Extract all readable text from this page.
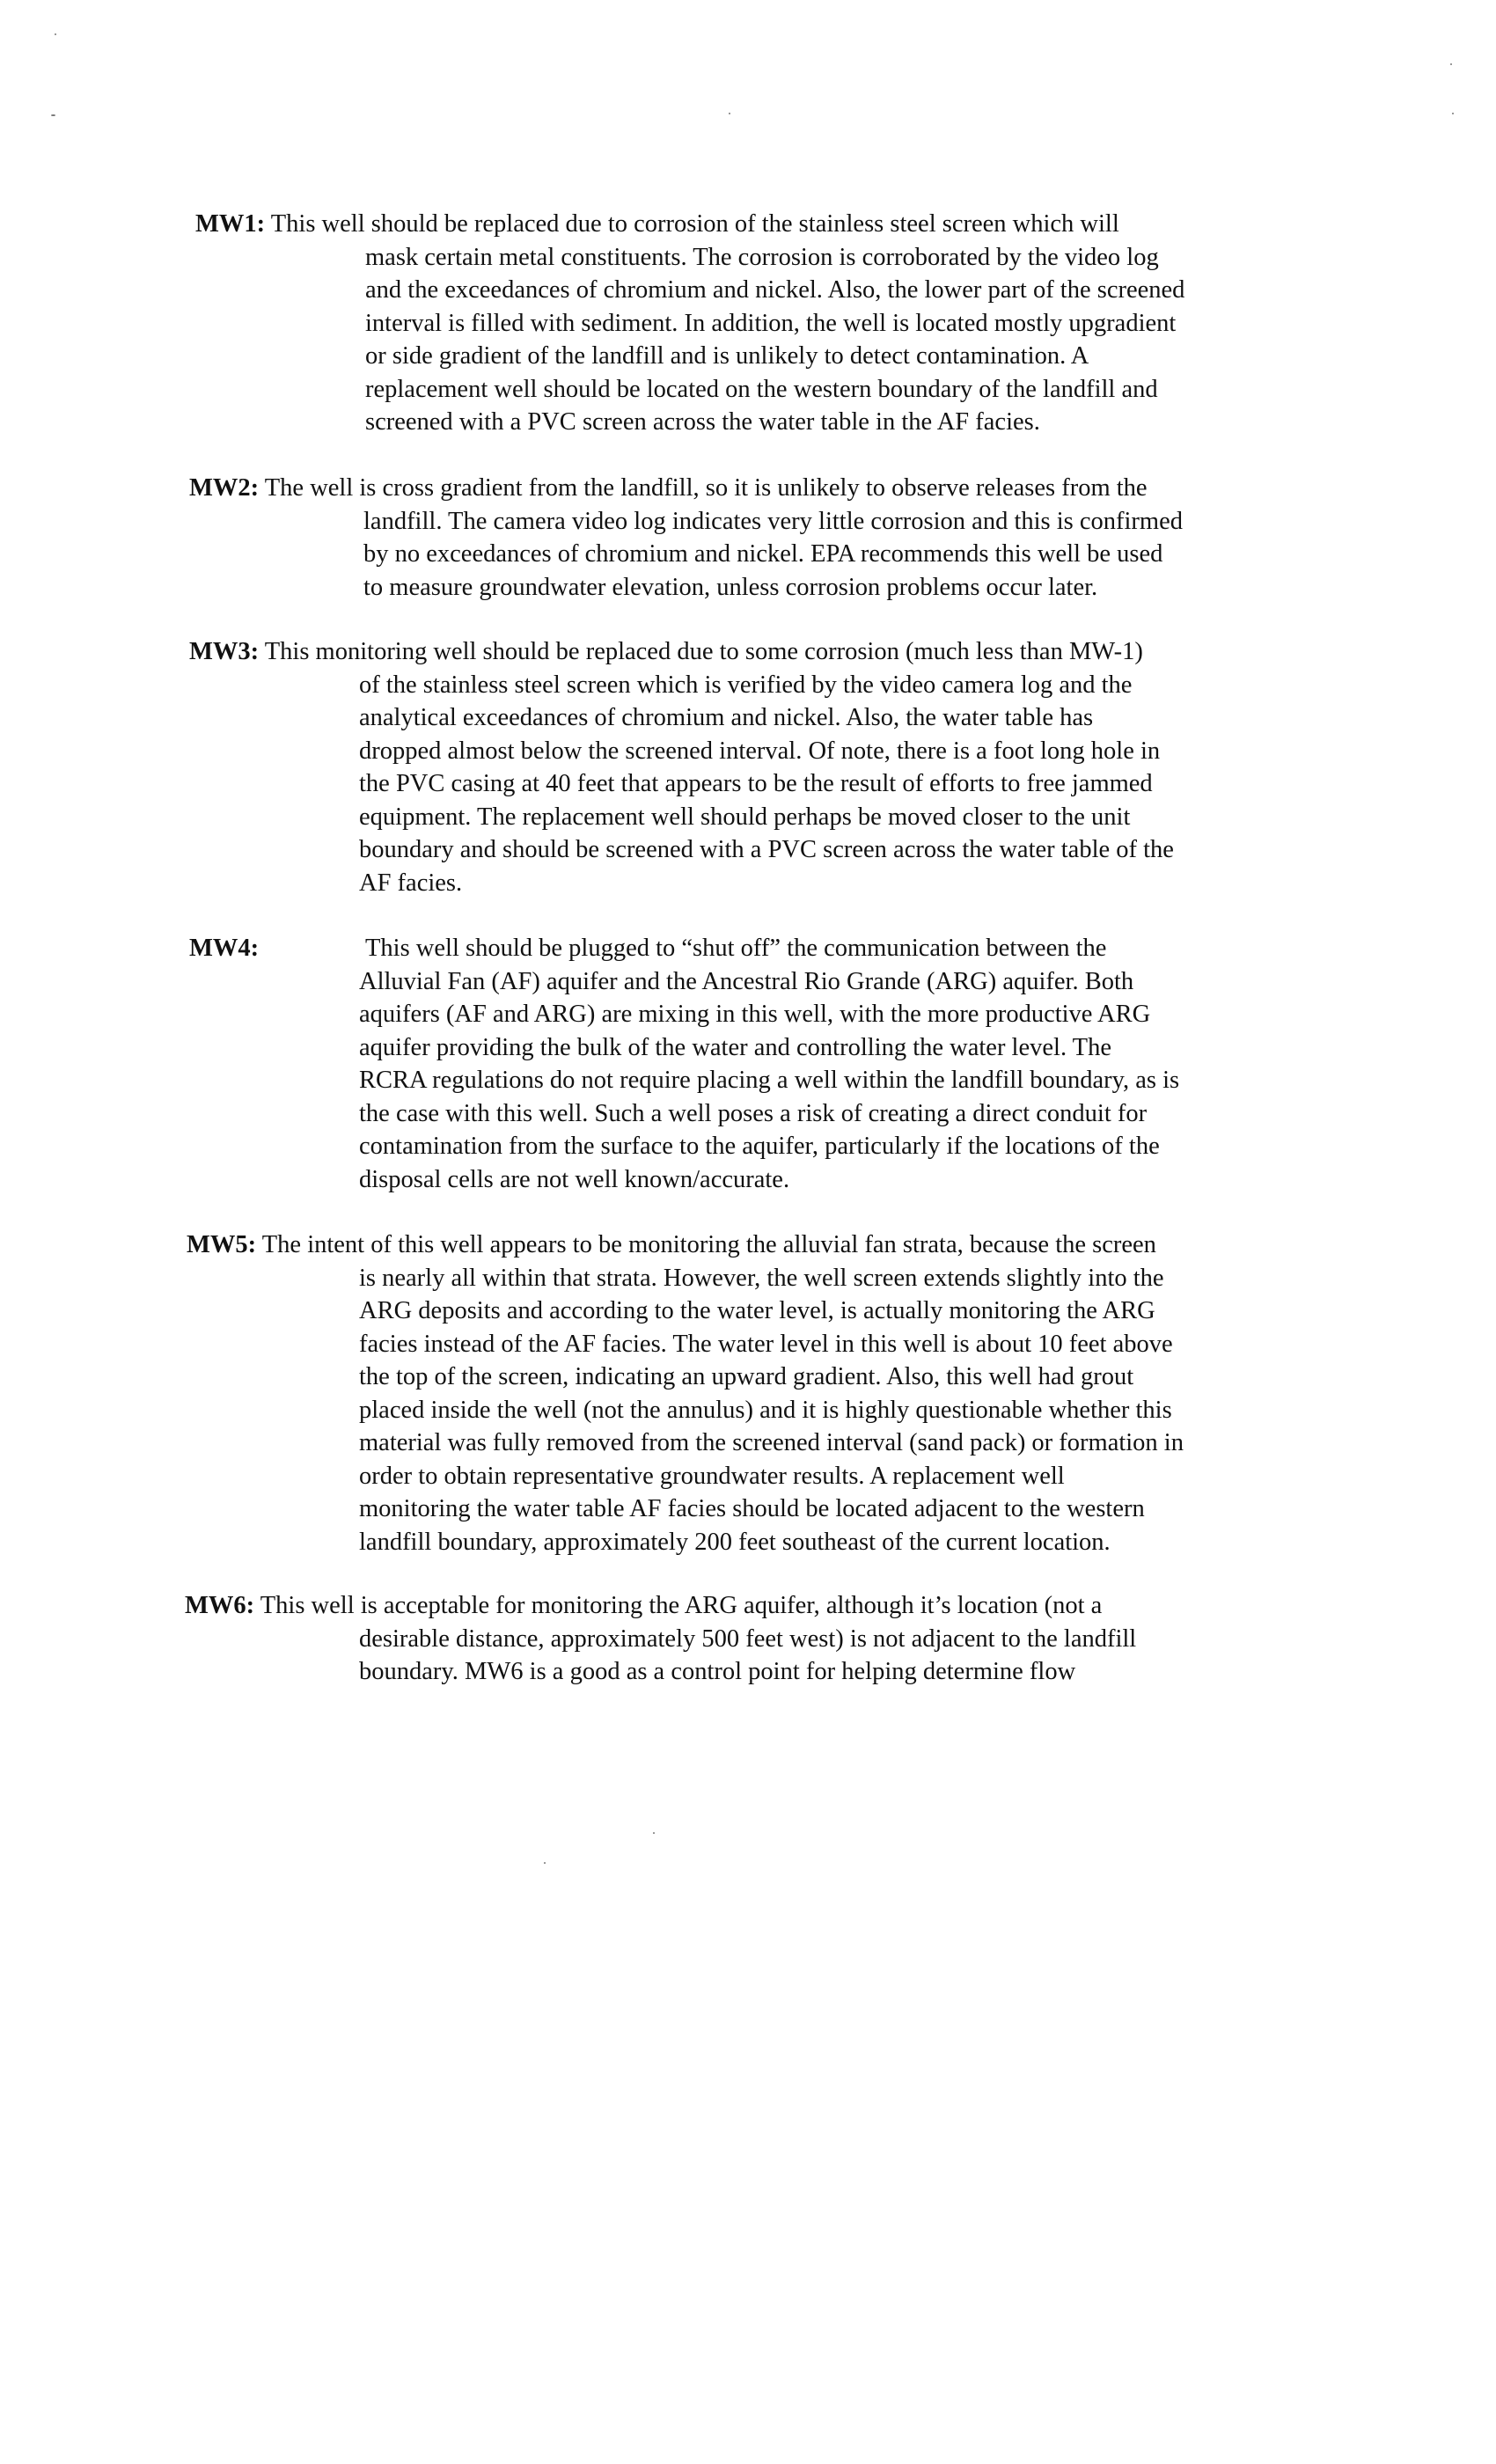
MW1: This well should be replaced due to corrosion of the stainless steel screen which will
mask certain metal constituents. The corrosion is corroborated by the video log
and the exceedances of chromium and nickel. Also, the lower part of the screened
interval is filled with sediment. In addition, the well is located mostly upgradient
or side gradient of the landfill and is unlikely to detect contamination. A
replacement well should be located on the western boundary of the landfill and
screened with a PVC screen across the water table in the AF facies.
MW2: The well is cross gradient from the landfill, so it is unlikely to observe releases from the
landfill. The camera video log indicates very little corrosion and this is confirmed
by no exceedances of chromium and nickel. EPA recommends this well be used
to measure groundwater elevation, unless corrosion problems occur later.
MW3: This monitoring well should be replaced due to some corrosion (much less than MW-1)
of the stainless steel screen which is verified by the video camera log and the
analytical exceedances of chromium and nickel. Also, the water table has
dropped almost below the screened interval. Of note, there is a foot long hole in
the PVC casing at 40 feet that appears to be the result of efforts to free jammed
equipment. The replacement well should perhaps be moved closer to the unit
boundary and should be screened with a PVC screen across the water table of the
AF facies.
MW4:	This well should be plugged to “shut off” the communication between the
Alluvial Fan (AF) aquifer and the Ancestral Rio Grande (ARG) aquifer. Both
aquifers (AF and ARG) are mixing in this well, with the more productive ARG
aquifer providing the bulk of the water and controlling the water level. The
RCRA regulations do not require placing a well within the landfill boundary, as is
the case with this well. Such a well poses a risk of creating a direct conduit for
contamination from the surface to the aquifer, particularly if the locations of the
disposal cells are not well known/accurate.
MW5: The intent of this well appears to be monitoring the alluvial fan strata, because the screen
is nearly all within that strata. However, the well screen extends slightly into the
ARG deposits and according to the water level, is actually monitoring the ARG
facies instead of the AF facies. The water level in this well is about 10 feet above
the top of the screen, indicating an upward gradient. Also, this well had grout
placed inside the well (not the annulus) and it is highly questionable whether this
material was fully removed from the screened interval (sand pack) or formation in
order to obtain representative groundwater results. A replacement well
monitoring the water table AF facies should be located adjacent to the western
landfill boundary, approximately 200 feet southeast of the current location.
MW6: This well is acceptable for monitoring the ARG aquifer, although it’s location (not a
desirable distance, approximately 500 feet west) is not adjacent to the landfill
boundary. MW6 is a good as a control point for helping determine flow
